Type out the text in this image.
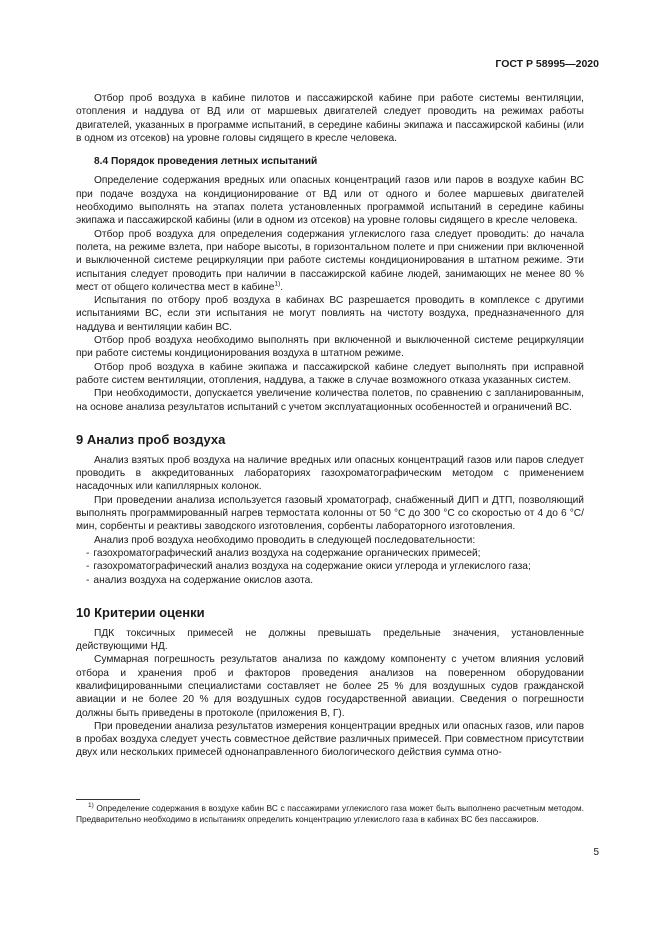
ГОСТ Р 58995—2020

Отбор проб воздуха в кабине пилотов и пассажирской кабине при работе системы вентиляции, отопления и наддува от ВД или от маршевых двигателей следует проводить на режимах работы двигателей, указанных в программе испытаний, в середине кабины экипажа и пассажирской кабины (или в одном из отсеков) на уровне головы сидящего в кресле человека.

8.4 Порядок проведения летных испытаний

Определение содержания вредных или опасных концентраций газов или паров в воздухе кабин ВС при подаче воздуха на кондиционирование от ВД или от одного и более маршевых двигателей необходимо выполнять на этапах полета установленных программой испытаний в середине кабины экипажа и пассажирской кабины (или в одном из отсеков) на уровне головы сидящего в кресле человека.

Отбор проб воздуха для определения содержания углекислого газа следует проводить: до начала полета, на режиме взлета, при наборе высоты, в горизонтальном полете и при снижении при включенной и выключенной системе рециркуляции при работе системы кондиционирования в штатном режиме. Эти испытания следует проводить при наличии в пассажирской кабине людей, занимающих не менее 80 % мест от общего количества мест в кабине$^{1)}$.

Испытания по отбору проб воздуха в кабинах ВС разрешается проводить в комплексе с другими испытаниями ВС, если эти испытания не могут повлиять на чистоту воздуха, предназначенного для наддува и вентиляции кабин ВС.

Отбор проб воздуха необходимо выполнять при включенной и выключенной системе рециркуляции при работе системы кондиционирования воздуха в штатном режиме.

Отбор проб воздуха в кабине экипажа и пассажирской кабине следует выполнять при исправной работе систем вентиляции, отопления, наддува, а также в случае возможного отказа указанных систем.

При необходимости, допускается увеличение количества полетов, по сравнению с запланированным, на основе анализа результатов испытаний с учетом эксплуатационных особенностей и ограничений ВС.

9 Анализ проб воздуха

Анализ взятых проб воздуха на наличие вредных или опасных концентраций газов или паров следует проводить в аккредитованных лабораториях газохроматографическим методом с применением насадочных или капиллярных колонок.

При проведении анализа используется газовый хроматограф, снабженный ДИП и ДТП, позволяющий выполнять программированный нагрев термостата колонны от 50 °С до 300 °С со скоростью от 4 до 6 °С/мин, сорбенты и реактивы заводского изготовления, сорбенты лабораторного изготовления.

Анализ проб воздуха необходимо проводить в следующей последовательности:

- газохроматографический анализ воздуха на содержание органических примесей;
- газохроматографический анализ воздуха на содержание окиси углерода и углекислого газа;
- анализ воздуха на содержание окислов азота.
10 Критерии оценки

ПДК токсичных примесей не должны превышать предельные значения, установленные действующими НД.

Суммарная погрешность результатов анализа по каждому компоненту с учетом влияния условий отбора и хранения проб и факторов проведения анализов на поверенном оборудовании квалифицированными специалистами составляет не более 25 % для воздушных судов гражданской авиации и не более 20 % для воздушных судов государственной авиации. Сведения о погрешности должны быть приведены в протоколе (приложения В, Г).

При проведении анализа результатов измерения концентрации вредных или опасных газов, или паров в пробах воздуха следует учесть совместное действие различных примесей. При совместном присутствии двух или нескольких примесей однонаправленного биологического действия сумма отно-

$^{1)}$ Определение содержания в воздухе кабин ВС с пассажирами углекислого газа может быть выполнено расчетным методом. Предварительно необходимо в испытаниях определить концентрацию углекислого газа в кабинах ВС без пассажиров.
5
